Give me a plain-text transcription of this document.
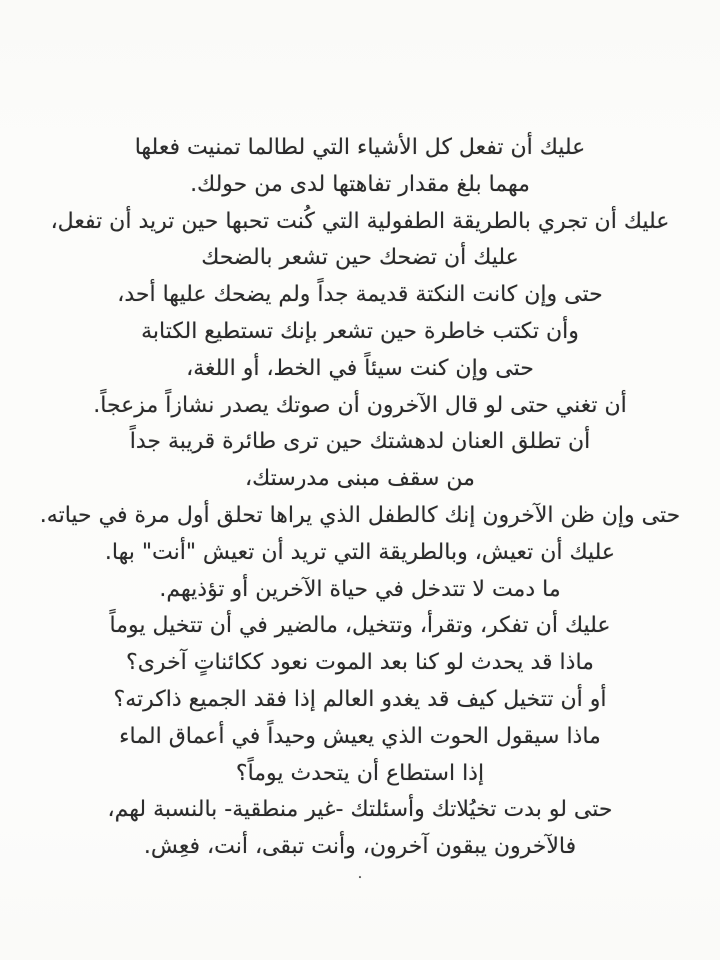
عليك أن تفعل كل الأشياء التي لطالما تمنيت فعلها

مهما بلغ مقدار تفاهتها لدى من حولك.

عليك أن تجري بالطريقة الطفولية التي كُنت تحبها حين تريد أن تفعل،

عليك أن تضحك حين تشعر بالضحك

حتى وإن كانت النكتة قديمة جداً ولم يضحك عليها أحد،

وأن تكتب خاطرة حين تشعر بإنك تستطيع الكتابة

حتى وإن كنت سيئاً في الخط، أو اللغة،

أن تغني حتى لو قال الآخرون أن صوتك يصدر نشازاً مزعجاً.

أن تطلق العنان لدهشتك حين ترى طائرة قريبة جداً

من سقف مبنى مدرستك،

حتى وإن ظن الآخرون إنك كالطفل الذي يراها تحلق أول مرة في حياته.

عليك أن تعيش، وبالطريقة التي تريد أن تعيش "أنت" بها.

ما دمت لا تتدخل في حياة الآخرين أو تؤذيهم.

عليك أن تفكر، وتقرأ، وتتخيل، مالضير في أن تتخيل يوماً

ماذا قد يحدث لو كنا بعد الموت نعود ككائناتٍ آخرى؟

أو أن تتخيل كيف قد يغدو العالم إذا فقد الجميع ذاكرته؟

ماذا سيقول الحوت الذي يعيش وحيداً في أعماق الماء

إذا استطاع أن يتحدث يوماً؟

حتى لو بدت تخيُلاتك وأسئلتك -غير منطقية- بالنسبة لهم،

فالآخرون يبقون آخرون، وأنت تبقى، أنت، فعِش.

.
